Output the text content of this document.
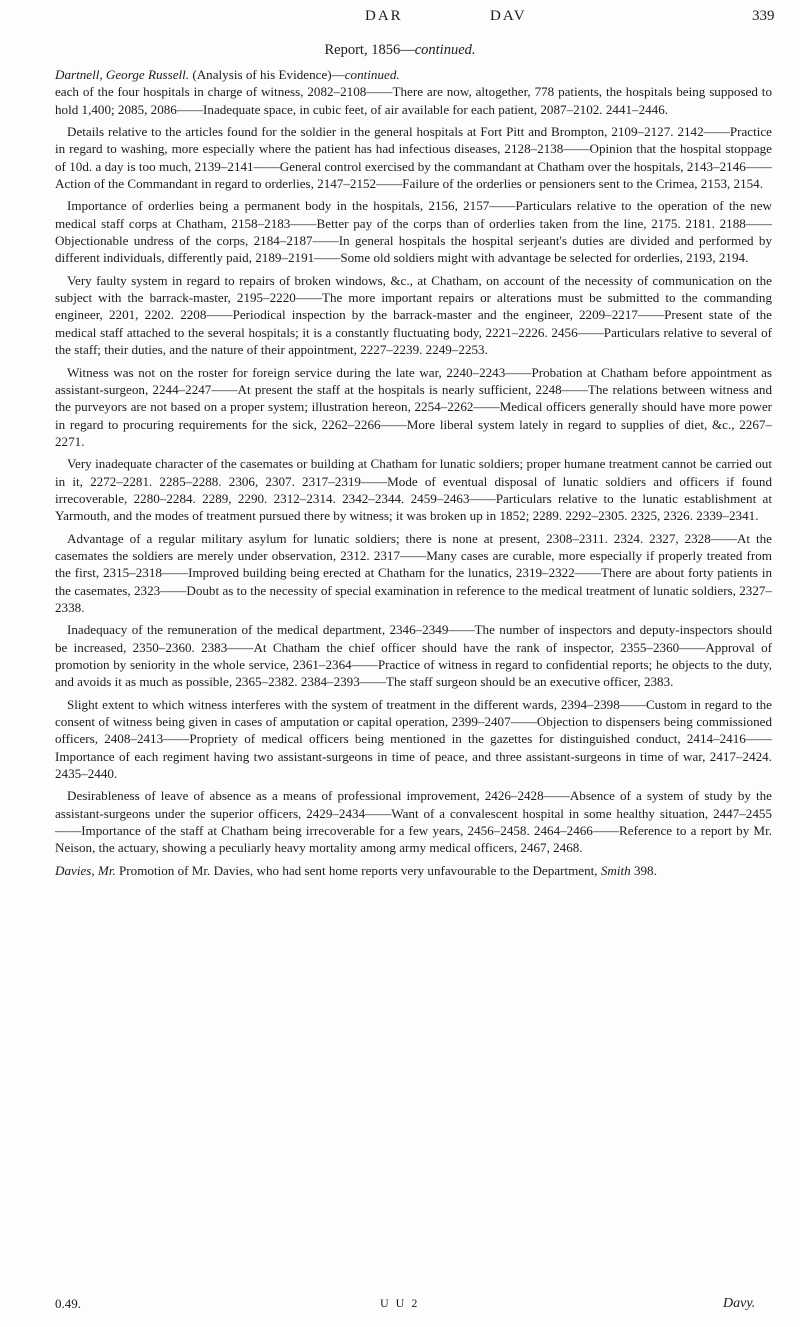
DAR	DAV	339
Report, 1856—continued.

Dartnell, George Russell. (Analysis of his Evidence)—continued.
each of the four hospitals in charge of witness, 2082–2108——There are now, altogether, 778 patients, the hospitals being supposed to hold 1,400; 2085, 2086——Inadequate space, in cubic feet, of air available for each patient, 2087–2102. 2441–2446.

Details relative to the articles found for the soldier in the general hospitals at Fort Pitt and Brompton, 2109–2127. 2142——Practice in regard to washing, more especially where the patient has had infectious diseases, 2128–2138——Opinion that the hospital stoppage of 10d. a day is too much, 2139–2141——General control exercised by the commandant at Chatham over the hospitals, 2143–2146——Action of the Commandant in regard to orderlies, 2147–2152——Failure of the orderlies or pensioners sent to the Crimea, 2153, 2154.

Importance of orderlies being a permanent body in the hospitals, 2156, 2157——Particulars relative to the operation of the new medical staff corps at Chatham, 2158–2183——Better pay of the corps than of orderlies taken from the line, 2175. 2181. 2188——Objectionable undress of the corps, 2184–2187——In general hospitals the hospital serjeant's duties are divided and performed by different individuals, differently paid, 2189–2191——Some old soldiers might with advantage be selected for orderlies, 2193, 2194.

Very faulty system in regard to repairs of broken windows, &c., at Chatham, on account of the necessity of communication on the subject with the barrack-master, 2195–2220——The more important repairs or alterations must be submitted to the commanding engineer, 2201, 2202. 2208——Periodical inspection by the barrack-master and the engineer, 2209–2217——Present state of the medical staff attached to the several hospitals; it is a constantly fluctuating body, 2221–2226. 2456——Particulars relative to several of the staff; their duties, and the nature of their appointment, 2227–2239. 2249–2253.

Witness was not on the roster for foreign service during the late war, 2240–2243——Probation at Chatham before appointment as assistant-surgeon, 2244–2247——At present the staff at the hospitals is nearly sufficient, 2248——The relations between witness and the purveyors are not based on a proper system; illustration hereon, 2254–2262——Medical officers generally should have more power in regard to procuring requirements for the sick, 2262–2266——More liberal system lately in regard to supplies of diet, &c., 2267–2271.

Very inadequate character of the casemates or building at Chatham for lunatic soldiers; proper humane treatment cannot be carried out in it, 2272–2281. 2285–2288. 2306, 2307. 2317–2319——Mode of eventual disposal of lunatic soldiers and officers if found irrecoverable, 2280–2284. 2289, 2290. 2312–2314. 2342–2344. 2459–2463——Particulars relative to the lunatic establishment at Yarmouth, and the modes of treatment pursued there by witness; it was broken up in 1852; 2289. 2292–2305. 2325, 2326. 2339–2341.

Advantage of a regular military asylum for lunatic soldiers; there is none at present, 2308–2311. 2324. 2327, 2328——At the casemates the soldiers are merely under observation, 2312. 2317——Many cases are curable, more especially if properly treated from the first, 2315–2318——Improved building being erected at Chatham for the lunatics, 2319–2322——There are about forty patients in the casemates, 2323——Doubt as to the necessity of special examination in reference to the medical treatment of lunatic soldiers, 2327–2338.

Inadequacy of the remuneration of the medical department, 2346–2349——The number of inspectors and deputy-inspectors should be increased, 2350–2360. 2383——At Chatham the chief officer should have the rank of inspector, 2355–2360——Approval of promotion by seniority in the whole service, 2361–2364——Practice of witness in regard to confidential reports; he objects to the duty, and avoids it as much as possible, 2365–2382. 2384–2393——The staff surgeon should be an executive officer, 2383.

Slight extent to which witness interferes with the system of treatment in the different wards, 2394–2398——Custom in regard to the consent of witness being given in cases of amputation or capital operation, 2399–2407——Objection to dispensers being commissioned officers, 2408–2413——Propriety of medical officers being mentioned in the gazettes for distinguished conduct, 2414–2416——Importance of each regiment having two assistant-surgeons in time of peace, and three assistant-surgeons in time of war, 2417–2424. 2435–2440.

Desirableness of leave of absence as a means of professional improvement, 2426–2428——Absence of a system of study by the assistant-surgeons under the superior officers, 2429–2434——Want of a convalescent hospital in some healthy situation, 2447–2455——Importance of the staff at Chatham being irrecoverable for a few years, 2456–2458. 2464–2466——Reference to a report by Mr. Neison, the actuary, showing a peculiarly heavy mortality among army medical officers, 2467, 2468.

Davies, Mr. Promotion of Mr. Davies, who had sent home reports very unfavourable to the Department, Smith 398.

0.49.	U U 2	Davy.
